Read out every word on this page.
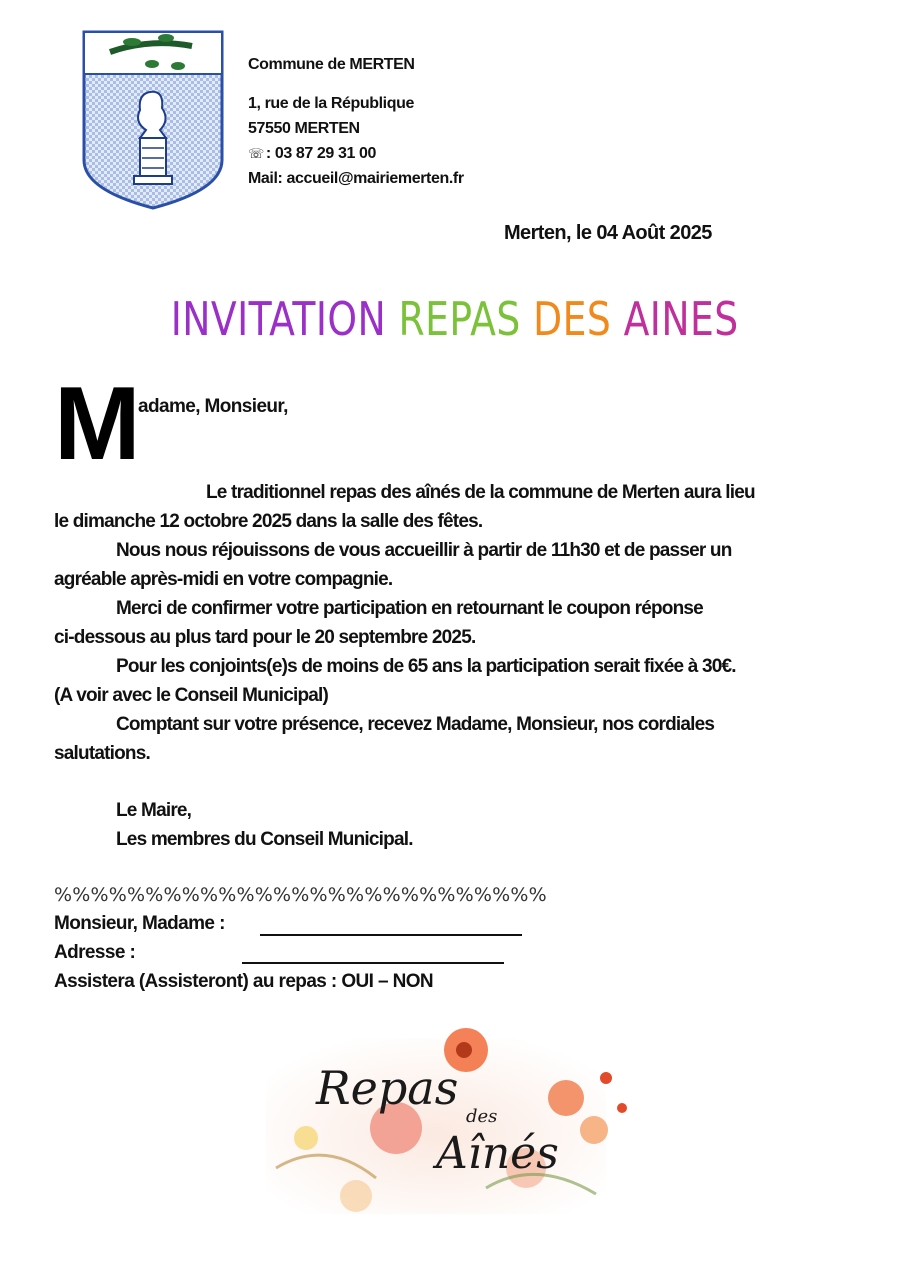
Commune de MERTEN
1, rue de la République
57550 MERTEN
☏ : 03 87 29 31 00
Mail: accueil@mairiemerten.fr
Merten, le 04 Août 2025
INVITATION REPAS DES AINES
M
adame, Monsieur,
Le traditionnel repas des aînés de la commune de Merten aura lieu
le dimanche 12 octobre 2025 dans la salle des fêtes.
Nous nous réjouissons de vous accueillir à partir de 11h30 et de passer un
agréable après-midi en votre compagnie.
Merci de confirmer votre participation en retournant le coupon réponse
ci-dessous au plus tard pour le 20 septembre 2025.
Pour les conjoints(e)s de moins de 65 ans la participation serait fixée à 30€.
(A voir avec le Conseil Municipal)
Comptant sur votre présence, recevez Madame, Monsieur, nos cordiales
salutations.
Le Maire,
Les membres du Conseil Municipal.
%%%%%%%%%%%%%%%%%%%%%%%%%%%
Monsieur, Madame :
Adresse :
Assistera (Assisteront) au repas : OUI – NON
Repas
des
Aînés
